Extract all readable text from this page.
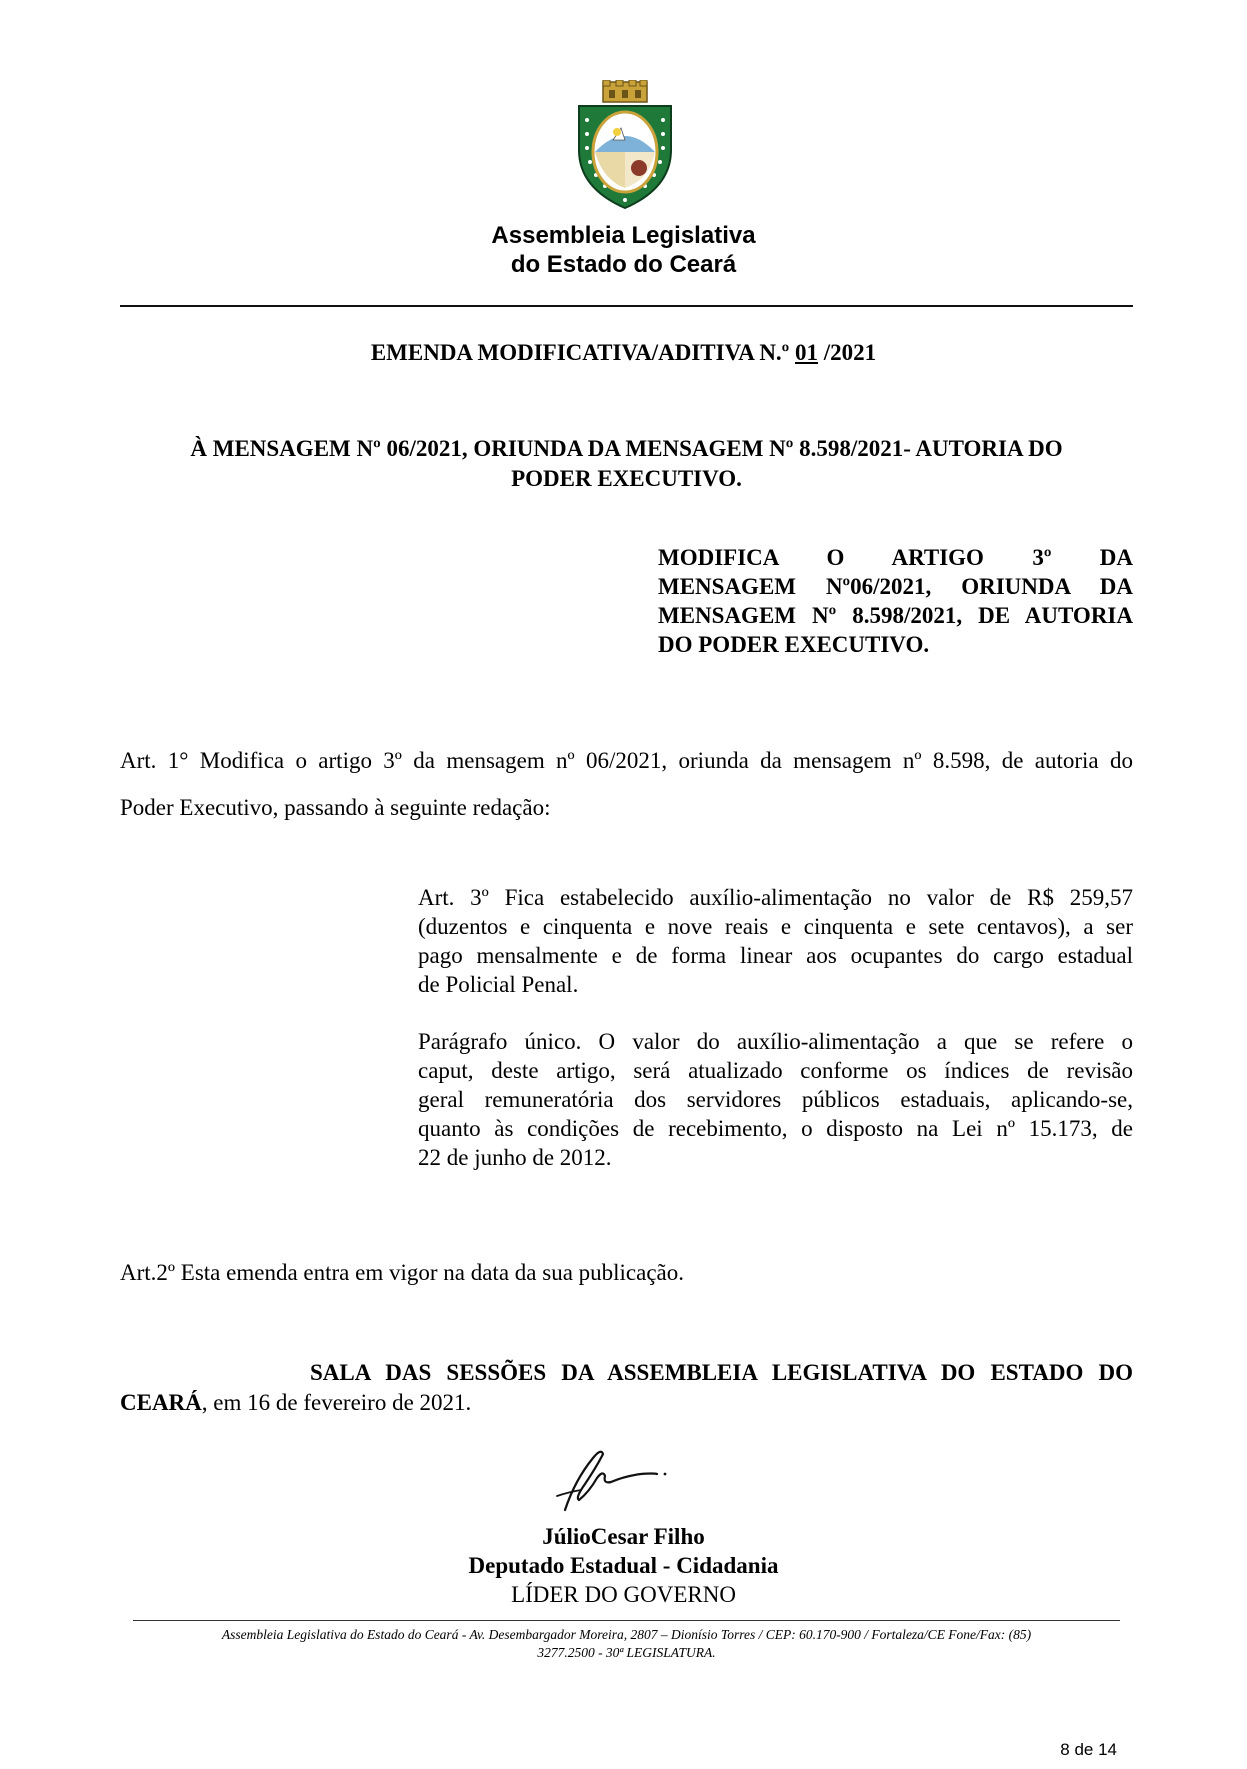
Assembleia Legislativa
do Estado do Ceará
EMENDA MODIFICATIVA/ADITIVA N.º 01 /2021
À MENSAGEM Nº 06/2021, ORIUNDA DA MENSAGEM Nº 8.598/2021- AUTORIA DO
PODER EXECUTIVO.
MODIFICA O ARTIGO 3º DA
MENSAGEM Nº06/2021, ORIUNDA DA
MENSAGEM Nº 8.598/2021, DE AUTORIA
DO PODER EXECUTIVO.
Art. 1° Modifica o artigo 3º da mensagem nº 06/2021, oriunda da mensagem nº 8.598, de autoria do
Poder Executivo, passando à seguinte redação:
Art. 3º Fica estabelecido auxílio-alimentação no valor de R$ 259,57
(duzentos e cinquenta e nove reais e cinquenta e sete centavos), a ser
pago mensalmente e de forma linear aos ocupantes do cargo estadual
de Policial Penal.
Parágrafo único. O valor do auxílio-alimentação a que se refere o
caput, deste artigo, será atualizado conforme os índices de revisão
geral remuneratória dos servidores públicos estaduais, aplicando-se,
quanto às condições de recebimento, o disposto na Lei nº 15.173, de
22 de junho de 2012.
Art.2º Esta emenda entra em vigor na data da sua publicação.
SALA DAS SESSÕES DA ASSEMBLEIA LEGISLATIVA DO ESTADO DO
CEARÁ, em 16 de fevereiro de 2021.
JúlioCesar Filho
Deputado Estadual - Cidadania
LÍDER DO GOVERNO
Assembleia Legislativa do Estado do Ceará - Av. Desembargador Moreira, 2807 – Dionísio Torres / CEP: 60.170-900 / Fortaleza/CE Fone/Fax: (85)
3277.2500 - 30ª LEGISLATURA.
8 de 14
